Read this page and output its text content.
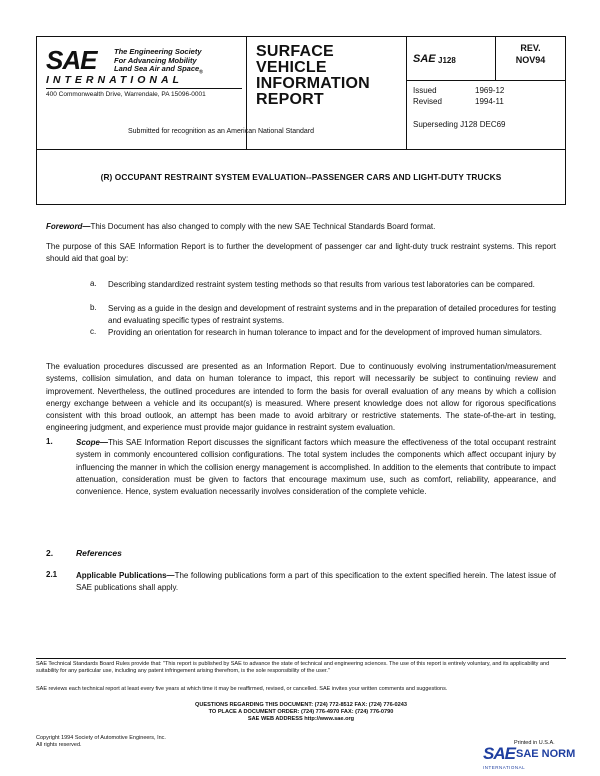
SAE The Engineering Society
For Advancing Mobility
Land Sea Air and Space$_®$
INTERNATIONAL
400 Commonwealth Drive, Warrendale, PA 15096-0001
SURFACE
VEHICLE
INFORMATION
REPORT
SAE J128
REV.
NOV94
Issued	1969-12
Revised	1994-11
Superseding J128 DEC69
Submitted for recognition as an American National Standard
(R) OCCUPANT RESTRAINT SYSTEM EVALUATION--PASSENGER CARS AND LIGHT-DUTY TRUCKS
Foreword—This Document has also changed to comply with the new SAE Technical Standards Board format.
The purpose of this SAE Information Report is to further the development of passenger car and light-duty truck restraint systems. This report should aid that goal by:
a. Describing standardized restraint system testing methods so that results from various test laboratories can be compared.
b. Serving as a guide in the design and development of restraint systems and in the preparation of detailed procedures for testing and evaluating specific types of restraint systems.
c. Providing an orientation for research in human tolerance to impact and for the development of improved human simulators.
The evaluation procedures discussed are presented as an Information Report. Due to continuously evolving instrumentation/measurement systems, collision simulation, and data on human tolerance to impact, this report will necessarily be subject to continuing review and improvement. Nevertheless, the outlined procedures are intended to form the basis for overall evaluation of any means by which a collision energy exchange between a vehicle and its occupant(s) is measured. Where present knowledge does not allow for rigorous specifications consistent with this broad outlook, an attempt has been made to avoid arbitrary or restrictive statements. The state-of-the-art in testing, engineering judgment, and experience must provide major guidance in restraint system evaluation.
1.	Scope—This SAE Information Report discusses the significant factors which measure the effectiveness of the total occupant restraint system in commonly encountered collision configurations. The total system includes the components which affect occupant injury by influencing the manner in which the collision energy management is accomplished. In addition to the elements that contribute to impact attenuation, consideration must be given to factors that encourage maximum use, such as comfort, reliability, appearance, and convenience. Hence, system evaluation necessarily involves consideration of the complete vehicle.
2.	References
2.1 Applicable Publications—The following publications form a part of this specification to the extent specified herein. The latest issue of SAE publications shall apply.
SAE Technical Standards Board Rules provide that: "This report is published by SAE to advance the state of technical and engineering sciences. The use of this report is entirely voluntary, and its applicability and suitability for any particular use, including any patent infringement arising therefrom, is the sole responsibility of the user."
SAE reviews each technical report at least every five years at which time it may be reaffirmed, revised, or cancelled. SAE invites your written comments and suggestions.
QUESTIONS REGARDING THIS DOCUMENT: (724) 772-8512 FAX: (724) 776-0243
TO PLACE A DOCUMENT ORDER: (724) 776-4970 FAX: (724) 776-0790
SAE WEB ADDRESS http://www.sae.org
Copyright 1994 Society of Automotive Engineers, Inc.
All rights reserved.	Printed in U.S.A.
SAE SAE NORM
INTERNATIONAL
